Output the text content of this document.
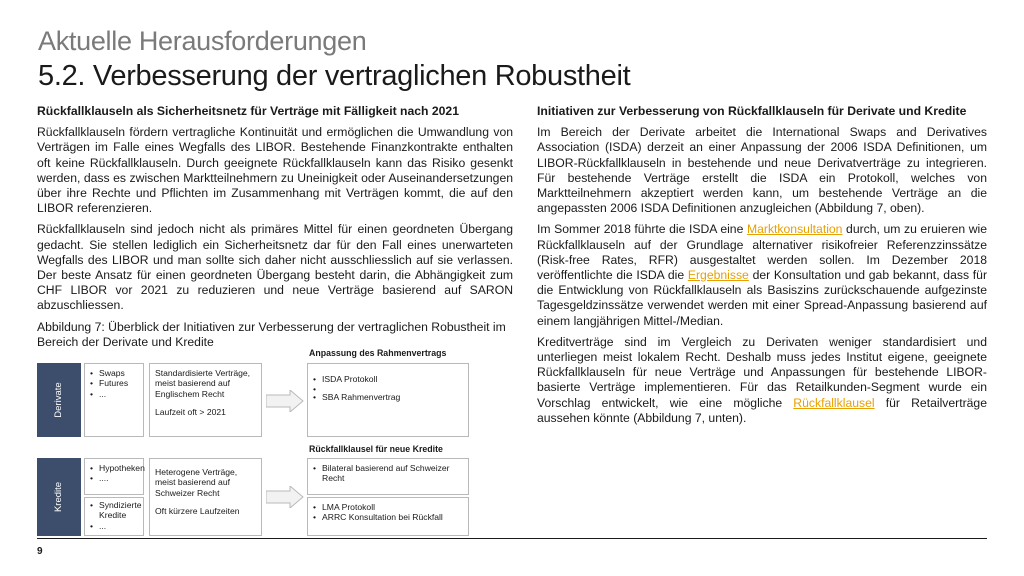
Aktuelle Herausforderungen
5.2. Verbesserung der vertraglichen Robustheit

Rückfallklauseln als Sicherheitsnetz für Verträge mit Fälligkeit nach 2021

Rückfallklauseln fördern vertragliche Kontinuität und ermöglichen die Umwandlung von Verträgen im Falle eines Wegfalls des LIBOR. Bestehende Finanzkontrakte enthalten oft keine Rückfallklauseln. Durch geeignete Rückfallklauseln kann das Risiko gesenkt werden, dass es zwischen Marktteilnehmern zu Uneinigkeit oder Auseinandersetzungen über ihre Rechte und Pflichten im Zusammenhang mit Verträgen kommt, die auf den LIBOR referenzieren.

Rückfallklauseln sind jedoch nicht als primäres Mittel für einen geordneten Übergang gedacht. Sie stellen lediglich ein Sicherheitsnetz dar für den Fall eines unerwarteten Wegfalls des LIBOR und man sollte sich daher nicht ausschliesslich auf sie verlassen. Der beste Ansatz für einen geordneten Übergang besteht darin, die Abhängigkeit zum CHF LIBOR vor 2021 zu reduzieren und neue Verträge basierend auf SARON abzuschliessen.

Abbildung 7: Überblick der Initiativen zur Verbesserung der vertraglichen Robustheit im Bereich der Derivate und Kredite

Anpassung des Rahmenvertrags
Derivate
• Swaps
• Futures
• ...
Standardisierte Verträge, meist basierend auf Englischem Recht
Laufzeit oft > 2021
• ISDA Protokoll
•
• SBA Rahmenvertrag
Rückfallklausel für neue Kredite
Kredite
• Hypotheken
• ....
• Syndizierte Kredite
• ...
Heterogene Verträge, meist basierend auf Schweizer Recht
Oft kürzere Laufzeiten
• Bilateral basierend auf Schweizer Recht
• LMA Protokoll
• ARRC Konsultation bei Rückfall

Initiativen zur Verbesserung von Rückfallklauseln für Derivate und Kredite

Im Bereich der Derivate arbeitet die International Swaps and Derivatives Association (ISDA) derzeit an einer Anpassung der 2006 ISDA Definitionen, um LIBOR-Rückfallklauseln in bestehende und neue Derivatverträge zu integrieren. Für bestehende Verträge erstellt die ISDA ein Protokoll, welches von Marktteilnehmern akzeptiert werden kann, um bestehende Verträge an die angepassten 2006 ISDA Definitionen anzugleichen (Abbildung 7, oben).

Im Sommer 2018 führte die ISDA eine Marktkonsultation durch, um zu eruieren wie Rückfallklauseln auf der Grundlage alternativer risikofreier Referenzzinssätze (Risk-free Rates, RFR) ausgestaltet werden sollen. Im Dezember 2018 veröffentlichte die ISDA die Ergebnisse der Konsultation und gab bekannt, dass für die Entwicklung von Rückfallklauseln als Basiszins zurückschauende aufgezinste Tagesgeldzinssätze verwendet werden mit einer Spread-Anpassung basierend auf einem langjährigen Mittel-/Median.

Kreditverträge sind im Vergleich zu Derivaten weniger standardisiert und unterliegen meist lokalem Recht. Deshalb muss jedes Institut eigene, geeignete Rückfallklauseln für neue Verträge und Anpassungen für bestehende LIBOR-basierte Verträge implementieren. Für das Retailkunden-Segment wurde ein Vorschlag entwickelt, wie eine mögliche Rückfallklausel für Retailverträge aussehen könnte (Abbildung 7, unten).

9
